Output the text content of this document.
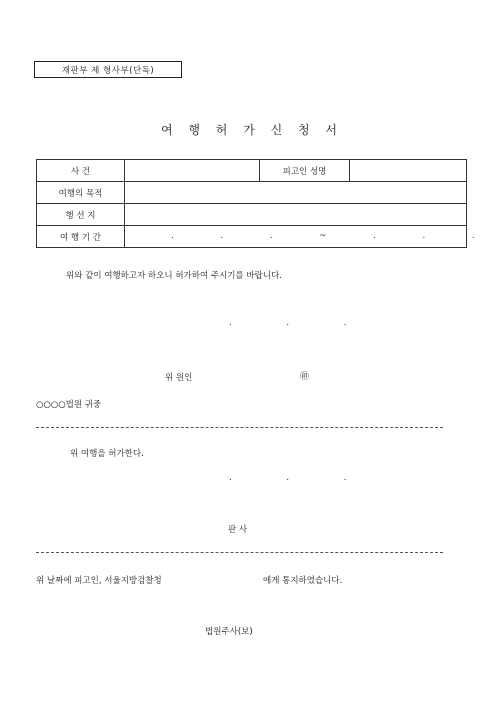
재판부 제 형사부(단독)
여 행 허 가 신 청 서
사 건		피고인 성명	
여행의 목적			
행 선 지			
여 행 기 간	. . . ~ . . .		
위와 같이 여행하고자 하오니 허가하여 주시기를 바랍니다.
. . .
위 원인	㊞
○○○○법원 귀중
위 여행을 허가한다.
. . .
판 사
위 날짜에 피고인, 서울지방검찰청	에게 통지하였습니다.
법원주사(보)
